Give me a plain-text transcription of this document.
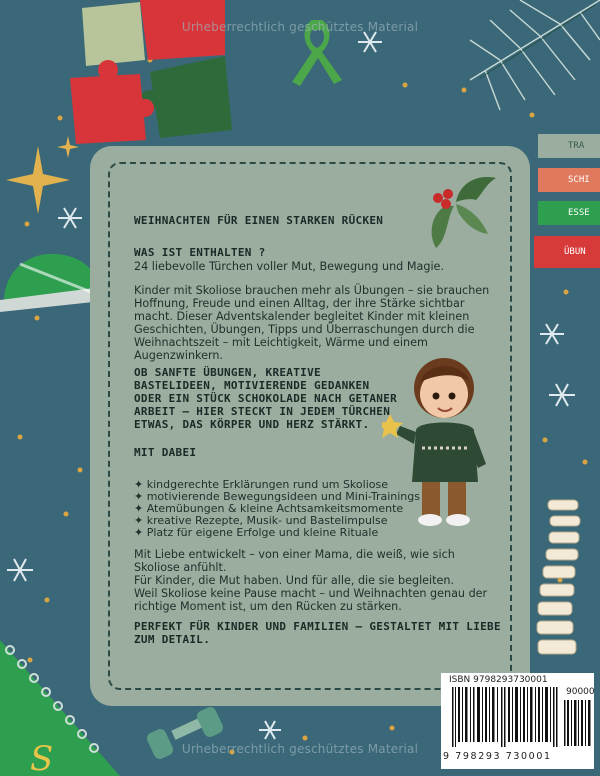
S
Urheberrechtlich geschütztes Material
TRA
SCHI
ESSE
ÜBUN
WEIHNACHTEN FÜR EINEN STARKEN RÜCKEN
WAS IST ENTHALTEN ?
24 liebevolle Türchen voller Mut, Bewegung und Magie.
Kinder mit Skoliose brauchen mehr als Übungen – sie brauchen
Hoffnung, Freude und einen Alltag, der ihre Stärke sichtbar
macht. Dieser Adventskalender begleitet Kinder mit kleinen
Geschichten, Übungen, Tipps und Überraschungen durch die
Weihnachtszeit – mit Leichtigkeit, Wärme und einem
Augenzwinkern.
OB SANFTE ÜBUNGEN, KREATIVE
BASTELIDEEN, MOTIVIERENDE GEDANKEN
ODER EIN STÜCK SCHOKOLADE NACH GETANER
ARBEIT – HIER STECKT IN JEDEM TÜRCHEN
ETWAS, DAS KÖRPER UND HERZ STÄRKT.
MIT DABEI
✦ kindgerechte Erklärungen rund um Skoliose
✦ motivierende Bewegungsideen und Mini-Trainings
✦ Atemübungen & kleine Achtsamkeitsmomente
✦ kreative Rezepte, Musik- und Bastelimpulse
✦ Platz für eigene Erfolge und kleine Rituale
Mit Liebe entwickelt – von einer Mama, die weiß, wie sich
Skoliose anfühlt.
Für Kinder, die Mut haben. Und für alle, die sie begleiten.
Weil Skoliose keine Pause macht – und Weihnachten genau der
richtige Moment ist, um den Rücken zu stärken.
PERFEKT FÜR KINDER UND FAMILIEN – GESTALTET MIT LIEBE
ZUM DETAIL.
ISBN 9798293730001
90000
9 798293 730001
Urheberrechtlich geschütztes Material
